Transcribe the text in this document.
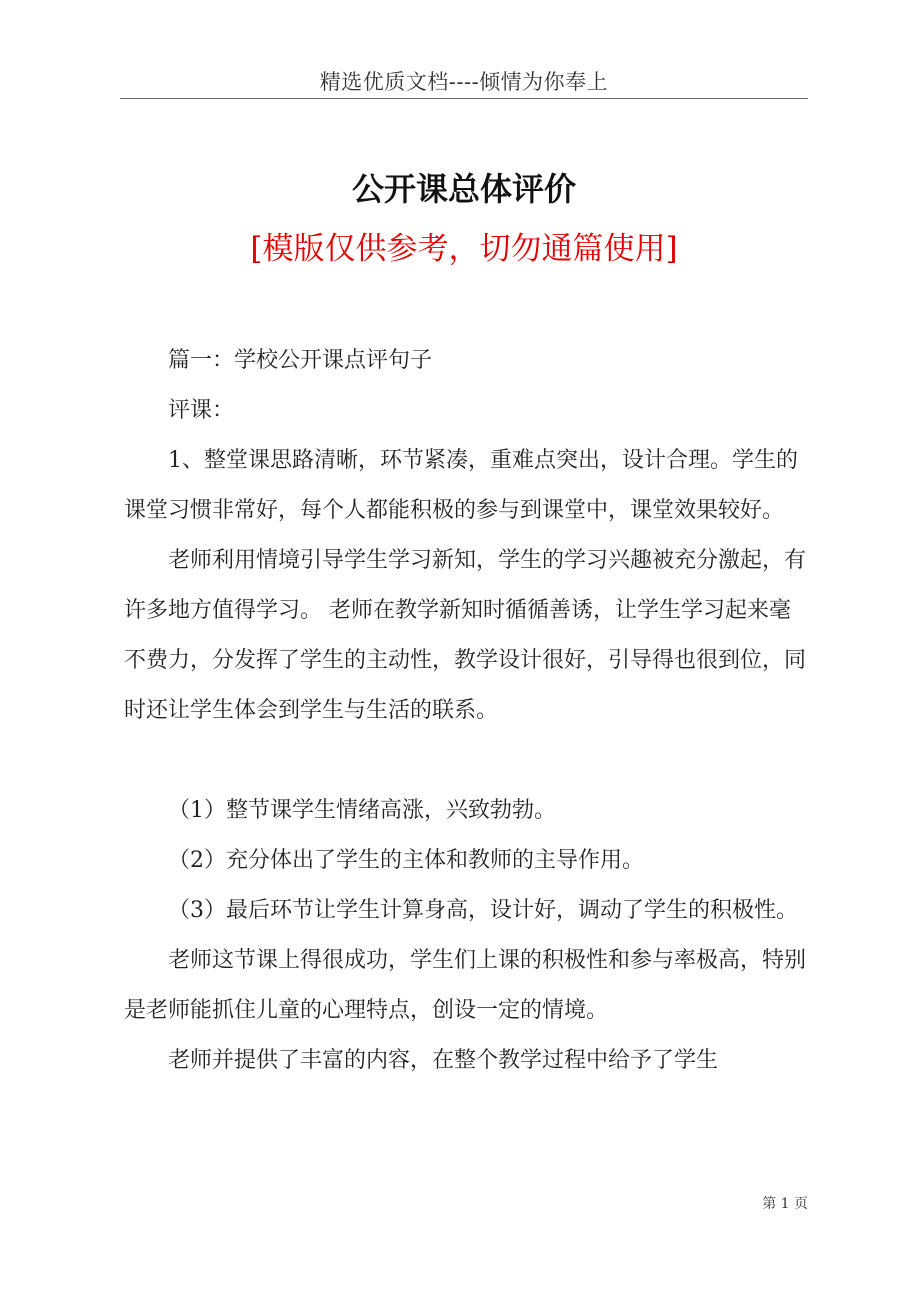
精选优质文档----倾情为你奉上
公开课总体评价
[模版仅供参考，切勿通篇使用]

篇一：学校公开课点评句子

评课：

1、整堂课思路清晰，环节紧凑，重难点突出，设计合理。学生的课堂习惯非常好，每个人都能积极的参与到课堂中，课堂效果较好。

老师利用情境引导学生学习新知，学生的学习兴趣被充分激起，有许多地方值得学习。 老师在教学新知时循循善诱，让学生学习起来毫不费力，分发挥了学生的主动性，教学设计很好，引导得也很到位，同时还让学生体会到学生与生活的联系。

（1）整节课学生情绪高涨，兴致勃勃。

（2）充分体出了学生的主体和教师的主导作用。

（3）最后环节让学生计算身高，设计好，调动了学生的积极性。

老师这节课上得很成功，学生们上课的积极性和参与率极高，特别是老师能抓住儿童的心理特点，创设一定的情境。

老师并提供了丰富的内容，在整个教学过程中给予了学生

第 1 页
